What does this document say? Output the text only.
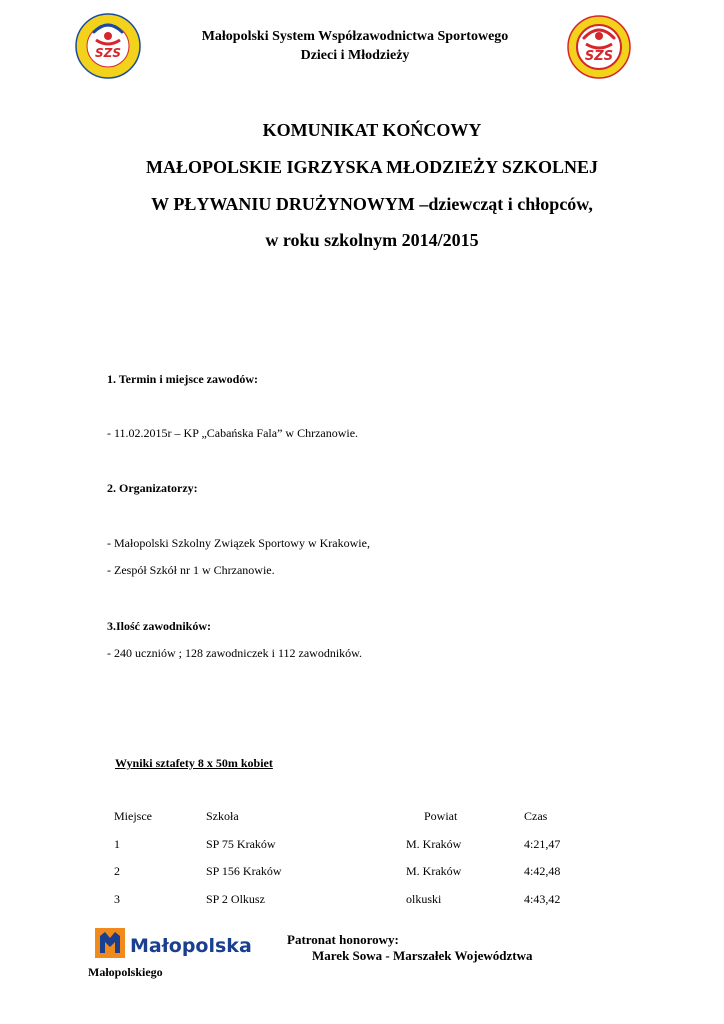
SZS	SZS
Małopolski System Współzawodnictwa Sportowego
Dzieci i Młodzieży
KOMUNIKAT KOŃCOWY
MAŁOPOLSKIE IGRZYSKA MŁODZIEŻY SZKOLNEJ
W PŁYWANIU DRUŻYNOWYM –dziewcząt i chłopców,
w roku szkolnym 2014/2015
1. Termin i miejsce zawodów:
- 11.02.2015r – KP „Cabańska Fala” w Chrzanowie.
2. Organizatorzy:
- Małopolski Szkolny Związek Sportowy w Krakowie,
- Zespół Szkół nr 1 w Chrzanowie.
3.Ilość zawodników:
- 240 uczniów ; 128 zawodniczek i 112 zawodników.
Wyniki sztafety 8 x 50m kobiet
Miejsce	Szkoła	Powiat	Czas
1	SP 75 Kraków	M. Kraków	4:21,47
2	SP 156 Kraków	M. Kraków	4:42,48
3	SP 2 Olkusz	olkuski	4:43,42
Małopolska
Małopolskiego
Patronat honorowy:
Marek Sowa - Marszałek Województwa
